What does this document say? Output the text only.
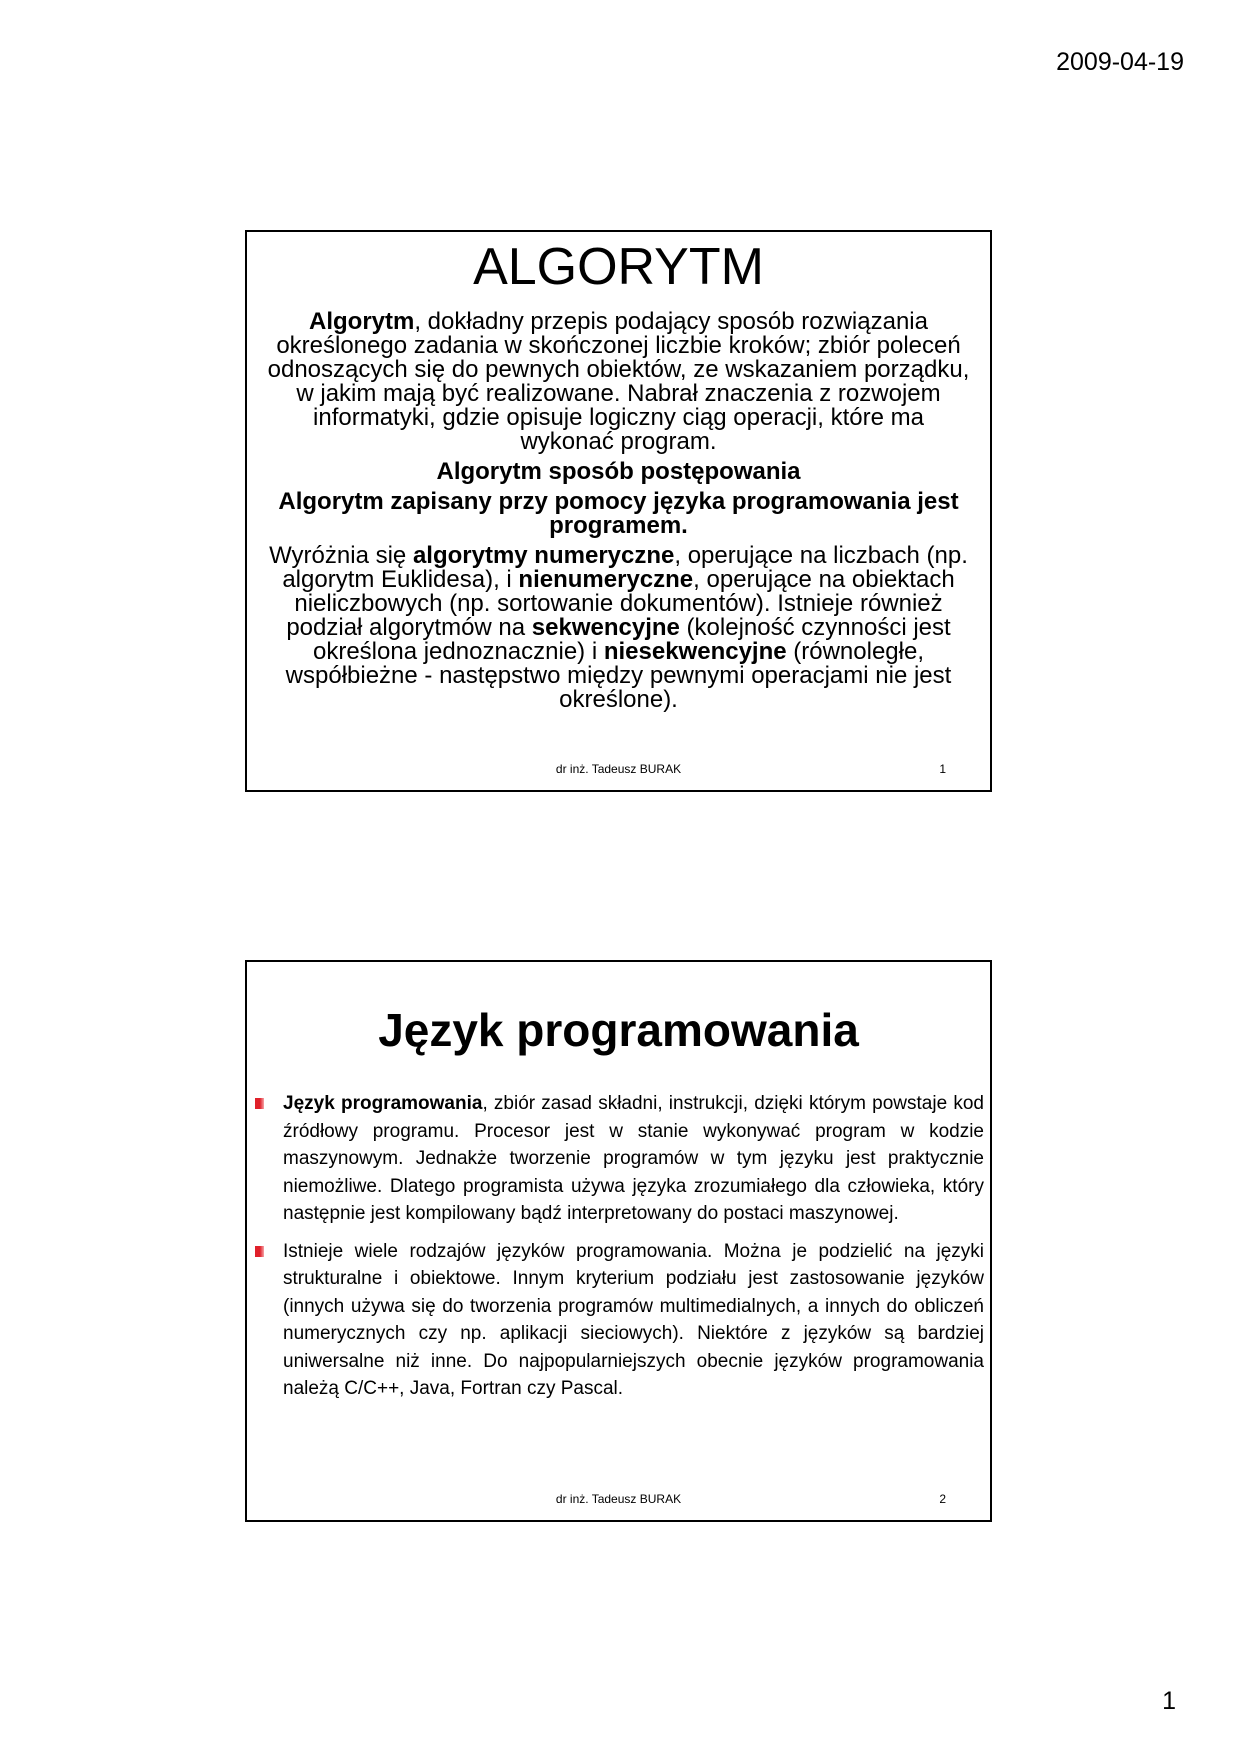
2009-04-19
ALGORYTM
Algorytm, dokładny przepis podający sposób rozwiązania określonego zadania w skończonej liczbie kroków; zbiór poleceń odnoszących się do pewnych obiektów, ze wskazaniem porządku, w jakim mają być realizowane. Nabrał znaczenia z rozwojem informatyki, gdzie opisuje logiczny ciąg operacji, które ma wykonać program.
Algorytm sposób postępowania
Algorytm zapisany przy pomocy języka programowania jest programem.
Wyróżnia się algorytmy numeryczne, operujące na liczbach (np. algorytm Euklidesa), i nienumeryczne, operujące na obiektach nieliczbowych (np. sortowanie dokumentów). Istnieje również podział algorytmów na sekwencyjne (kolejność czynności jest określona jednoznacznie) i niesekwencyjne (równoległe, współbieżne - następstwo między pewnymi operacjami nie jest określone).
dr inż. Tadeusz BURAK	1
Język programowania
Język programowania, zbiór zasad składni, instrukcji, dzięki którym powstaje kod źródłowy programu. Procesor jest w stanie wykonywać program w kodzie maszynowym. Jednakże tworzenie programów w tym języku jest praktycznie niemożliwe. Dlatego programista używa języka zrozumiałego dla człowieka, który następnie jest kompilowany bądź interpretowany do postaci maszynowej.
Istnieje wiele rodzajów języków programowania. Można je podzielić na języki strukturalne i obiektowe. Innym kryterium podziału jest zastosowanie języków (innych używa się do tworzenia programów multimedialnych, a innych do obliczeń numerycznych czy np. aplikacji sieciowych). Niektóre z języków są bardziej uniwersalne niż inne. Do najpopularniejszych obecnie języków programowania należą C/C++, Java, Fortran czy Pascal.
dr inż. Tadeusz BURAK	2
1
